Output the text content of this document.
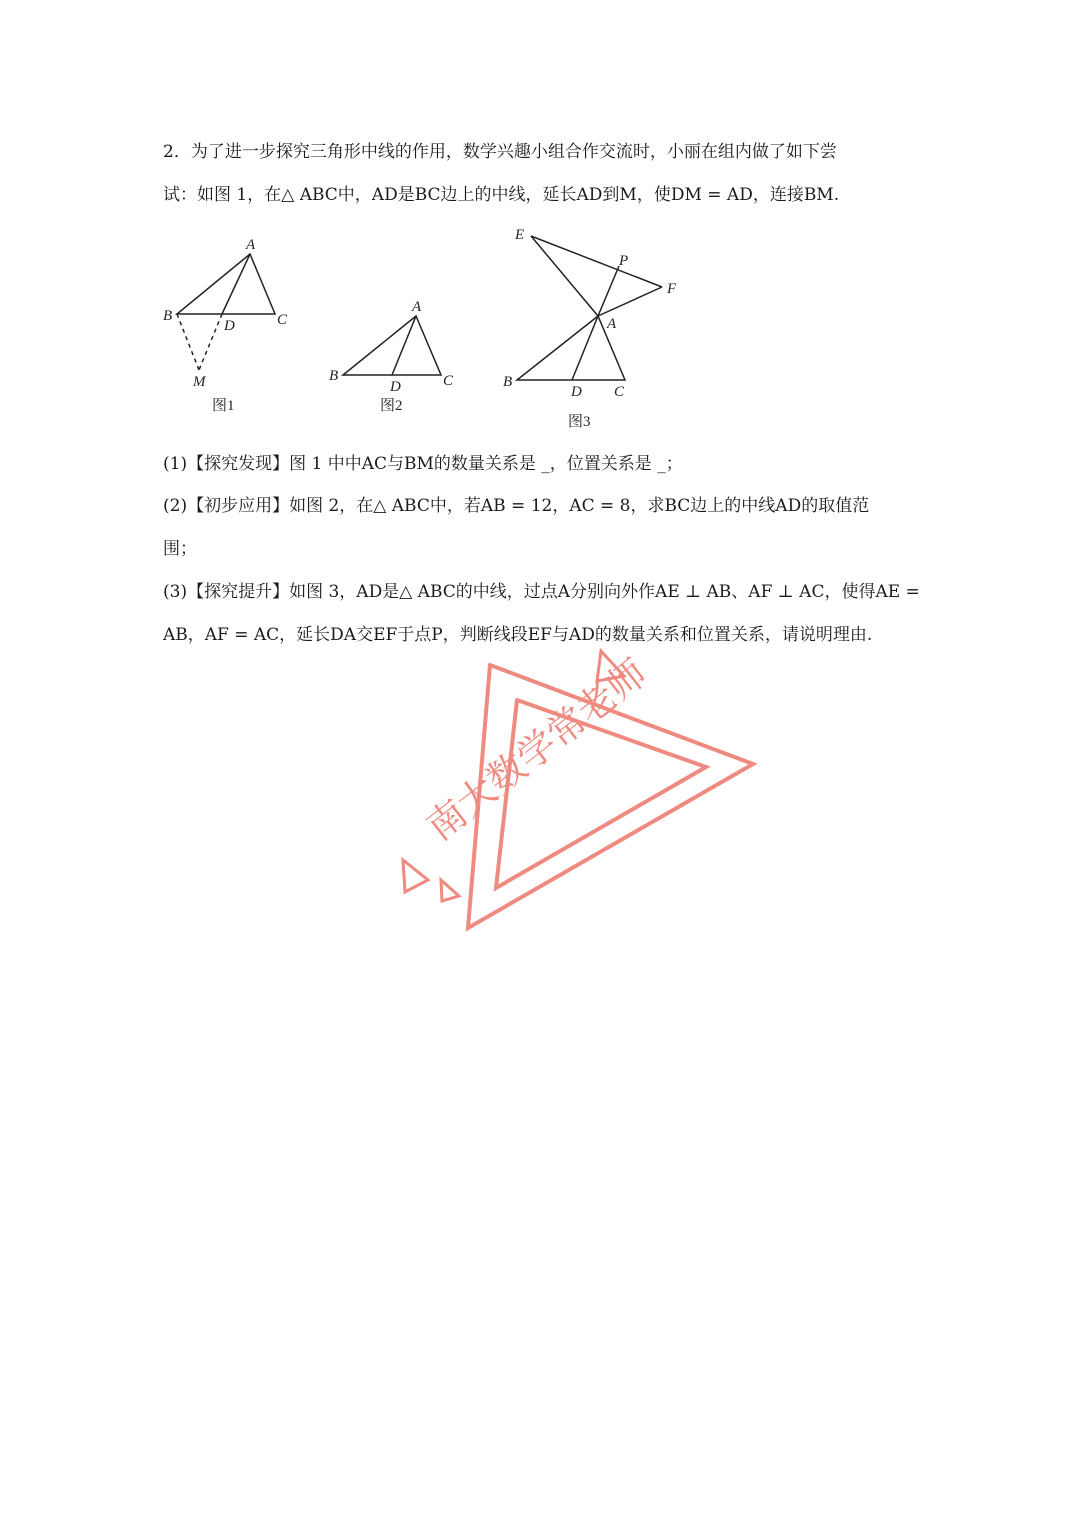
2．为了进一步探究三角形中线的作用，数学兴趣小组合作交流时，小丽在组内做了如下尝
试：如图 1，在△ ABC中，AD是BC边上的中线，延长AD到M，使DM = AD，连接BM.
A
B	C
D
M
图1
A
B	C
D
图2
E
P
F
A
B
D C
图3
南大数学常老师
(1)【探究发现】图 1 中中AC与BM的数量关系是 _，位置关系是 _；
(2)【初步应用】如图 2，在△ ABC中，若AB = 12，AC = 8，求BC边上的中线AD的取值范
围；
(3)【探究提升】如图 3，AD是△ ABC的中线，过点A分别向外作AE ⊥ AB、AF ⊥ AC，使得AE =
AB，AF = AC，延长DA交EF于点P，判断线段EF与AD的数量关系和位置关系，请说明理由.
